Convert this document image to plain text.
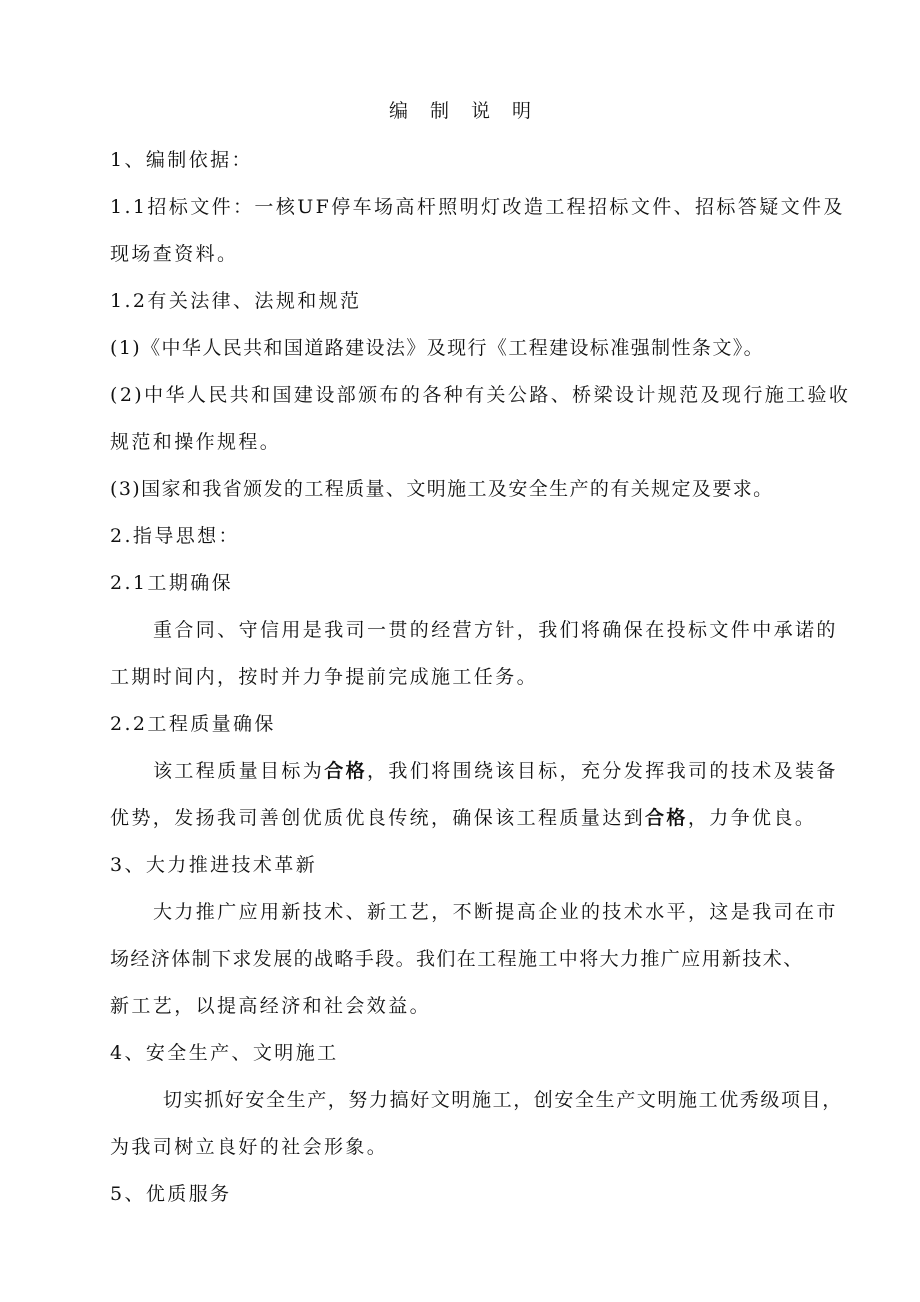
编制说明
1、编制依据：
1.1招标文件：一核UF停车场高杆照明灯改造工程招标文件、招标答疑文件及
现场查资料。
1.2有关法律、法规和规范
(1)《中华人民共和国道路建设法》及现行《工程建设标准强制性条文》。
(2)中华人民共和国建设部颁布的各种有关公路、桥梁设计规范及现行施工验收
规范和操作规程。
(3)国家和我省颁发的工程质量、文明施工及安全生产的有关规定及要求。
2.指导思想：
2.1工期确保
重合同、守信用是我司一贯的经营方针，我们将确保在投标文件中承诺的
工期时间内，按时并力争提前完成施工任务。
2.2工程质量确保
该工程质量目标为合格，我们将围绕该目标，充分发挥我司的技术及装备
优势，发扬我司善创优质优良传统，确保该工程质量达到合格，力争优良。
3、大力推进技术革新
大力推广应用新技术、新工艺，不断提高企业的技术水平，这是我司在市
场经济体制下求发展的战略手段。我们在工程施工中将大力推广应用新技术、
新工艺，以提高经济和社会效益。
4、安全生产、文明施工
切实抓好安全生产，努力搞好文明施工，创安全生产文明施工优秀级项目，
为我司树立良好的社会形象。
5、优质服务
